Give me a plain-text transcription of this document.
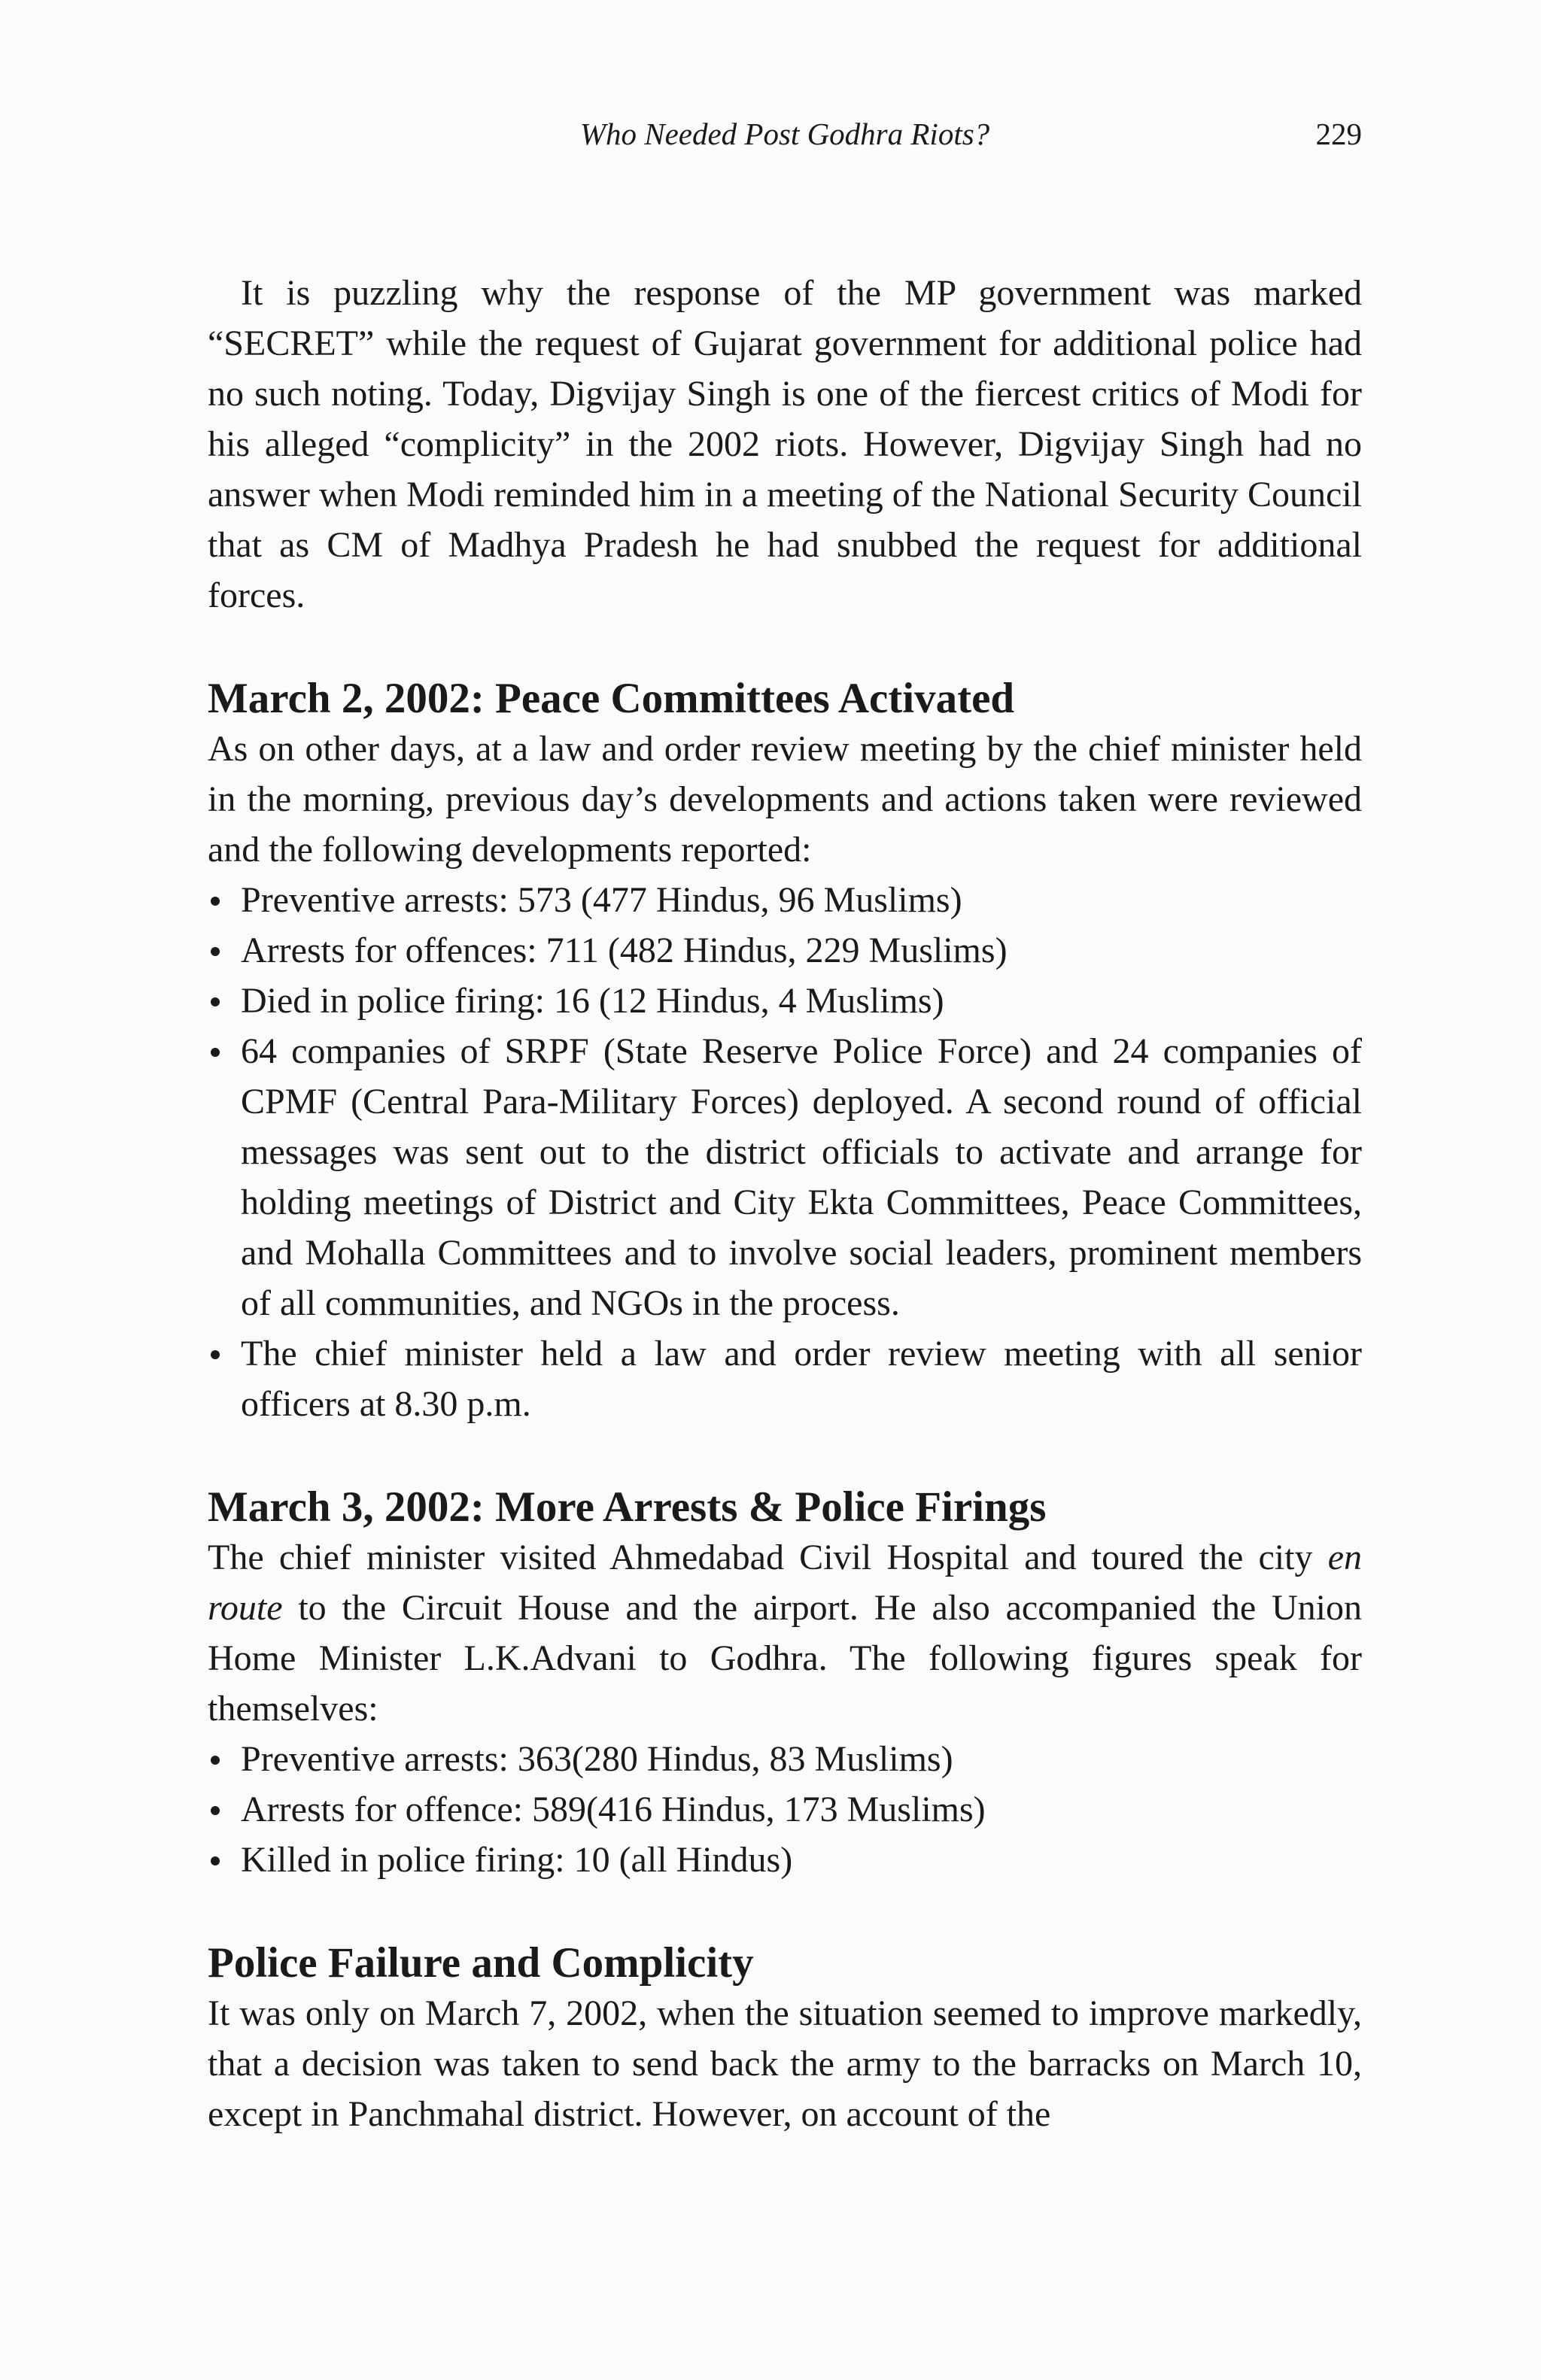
Who Needed Post Godhra Riots?	229

It is puzzling why the response of the MP government was marked “SECRET” while the request of Gujarat government for additional police had no such noting. Today, Digvijay Singh is one of the fiercest critics of Modi for his alleged “complicity” in the 2002 riots. However, Digvijay Singh had no answer when Modi reminded him in a meeting of the National Security Council that as CM of Madhya Pradesh he had snubbed the request for additional forces.

March 2, 2002: Peace Committees Activated

As on other days, at a law and order review meeting by the chief minister held in the morning, previous day’s developments and actions taken were reviewed and the following developments reported:

Preventive arrests: 573 (477 Hindus, 96 Muslims)
Arrests for offences: 711 (482 Hindus, 229 Muslims)
Died in police firing: 16 (12 Hindus, 4 Muslims)
64 companies of SRPF (State Reserve Police Force) and 24 companies of CPMF (Central Para-Military Forces) deployed. A second round of official messages was sent out to the district officials to activate and arrange for holding meetings of District and City Ekta Committees, Peace Committees, and Mohalla Committees and to involve social leaders, prominent members of all communities, and NGOs in the process.
The chief minister held a law and order review meeting with all senior officers at 8.30 p.m.
March 3, 2002: More Arrests & Police Firings

The chief minister visited Ahmedabad Civil Hospital and toured the city en route to the Circuit House and the airport. He also accompanied the Union Home Minister L.K.Advani to Godhra. The following figures speak for themselves:

Preventive arrests: 363(280 Hindus, 83 Muslims)
Arrests for offence: 589(416 Hindus, 173 Muslims)
Killed in police firing: 10 (all Hindus)
Police Failure and Complicity

It was only on March 7, 2002, when the situation seemed to improve markedly, that a decision was taken to send back the army to the barracks on March 10, except in Panchmahal district. However, on account of the
